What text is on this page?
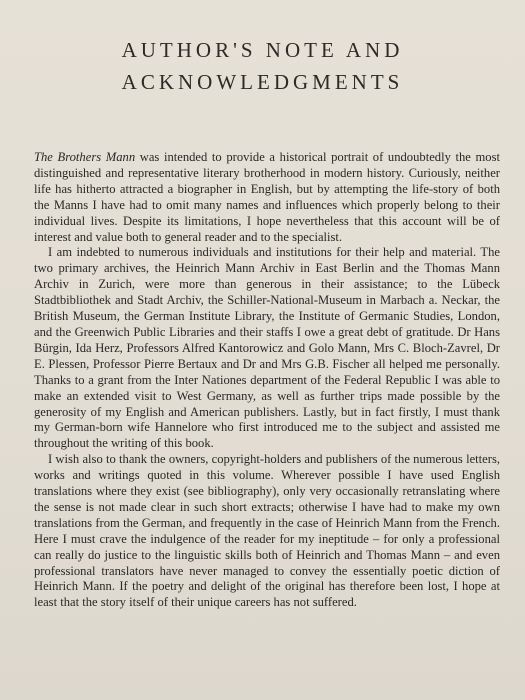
AUTHOR'S NOTE AND
ACKNOWLEDGMENTS

The Brothers Mann was intended to provide a historical portrait of undoubtedly the most distinguished and representative literary brotherhood in modern history. Curiously, neither life has hitherto attracted a biographer in English, but by attempting the life-story of both the Manns I have had to omit many names and influences which properly belong to their individual lives. Despite its limitations, I hope nevertheless that this account will be of interest and value both to general reader and to the specialist.

I am indebted to numerous individuals and institutions for their help and material. The two primary archives, the Heinrich Mann Archiv in East Berlin and the Thomas Mann Archiv in Zurich, were more than generous in their assistance; to the Lübeck Stadtbibliothek and Stadt Archiv, the Schiller-National-Museum in Marbach a. Neckar, the British Museum, the German Institute Library, the Institute of Germanic Studies, London, and the Greenwich Public Libraries and their staffs I owe a great debt of gratitude. Dr Hans Bürgin, Ida Herz, Professors Alfred Kantorowicz and Golo Mann, Mrs C. Bloch-Zavrel, Dr E. Plessen, Professor Pierre Bertaux and Dr and Mrs G.B. Fischer all helped me personally. Thanks to a grant from the Inter Nationes department of the Federal Republic I was able to make an extended visit to West Germany, as well as further trips made possible by the generosity of my English and American publishers. Lastly, but in fact firstly, I must thank my German-born wife Hannelore who first introduced me to the subject and assisted me throughout the writing of this book.

I wish also to thank the owners, copyright-holders and publishers of the numerous letters, works and writings quoted in this volume. Wherever possible I have used English translations where they exist (see bibliography), only very occasionally retranslating where the sense is not made clear in such short extracts; otherwise I have had to make my own translations from the German, and frequently in the case of Heinrich Mann from the French. Here I must crave the indulgence of the reader for my ineptitude – for only a professional can really do justice to the linguistic skills both of Heinrich and Thomas Mann – and even professional translators have never managed to convey the essentially poetic diction of Heinrich Mann. If the poetry and delight of the original has therefore been lost, I hope at least that the story itself of their unique careers has not suffered.
